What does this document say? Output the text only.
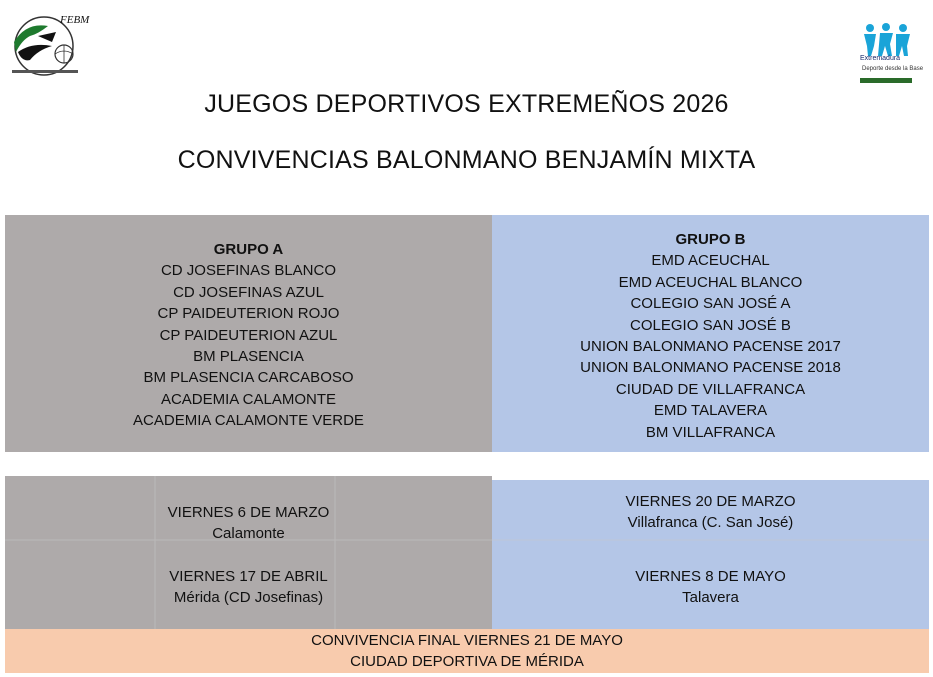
FEBM
Extremadura
Deporte desde la Base
JUEGOS DEPORTIVOS EXTREMEÑOS 2026
CONVIVENCIAS BALONMANO BENJAMÍN MIXTA
GRUPO A
CD JOSEFINAS BLANCO
CD JOSEFINAS AZUL
CP PAIDEUTERION ROJO
CP PAIDEUTERION AZUL
BM PLASENCIA
BM PLASENCIA CARCABOSO
ACADEMIA CALAMONTE
ACADEMIA CALAMONTE VERDE
GRUPO B
EMD ACEUCHAL
EMD ACEUCHAL BLANCO
COLEGIO SAN JOSÉ A
COLEGIO SAN JOSÉ B
UNION BALONMANO PACENSE 2017
UNION BALONMANO PACENSE 2018
CIUDAD DE VILLAFRANCA
EMD TALAVERA
BM VILLAFRANCA
VIERNES 6 DE MARZO
Calamonte
VIERNES 17 DE ABRIL
Mérida (CD Josefinas)
VIERNES 20 DE MARZO
Villafranca (C. San José)
VIERNES 8 DE MAYO
Talavera
CONVIVENCIA FINAL VIERNES 21 DE MAYO
CIUDAD DEPORTIVA DE MÉRIDA
